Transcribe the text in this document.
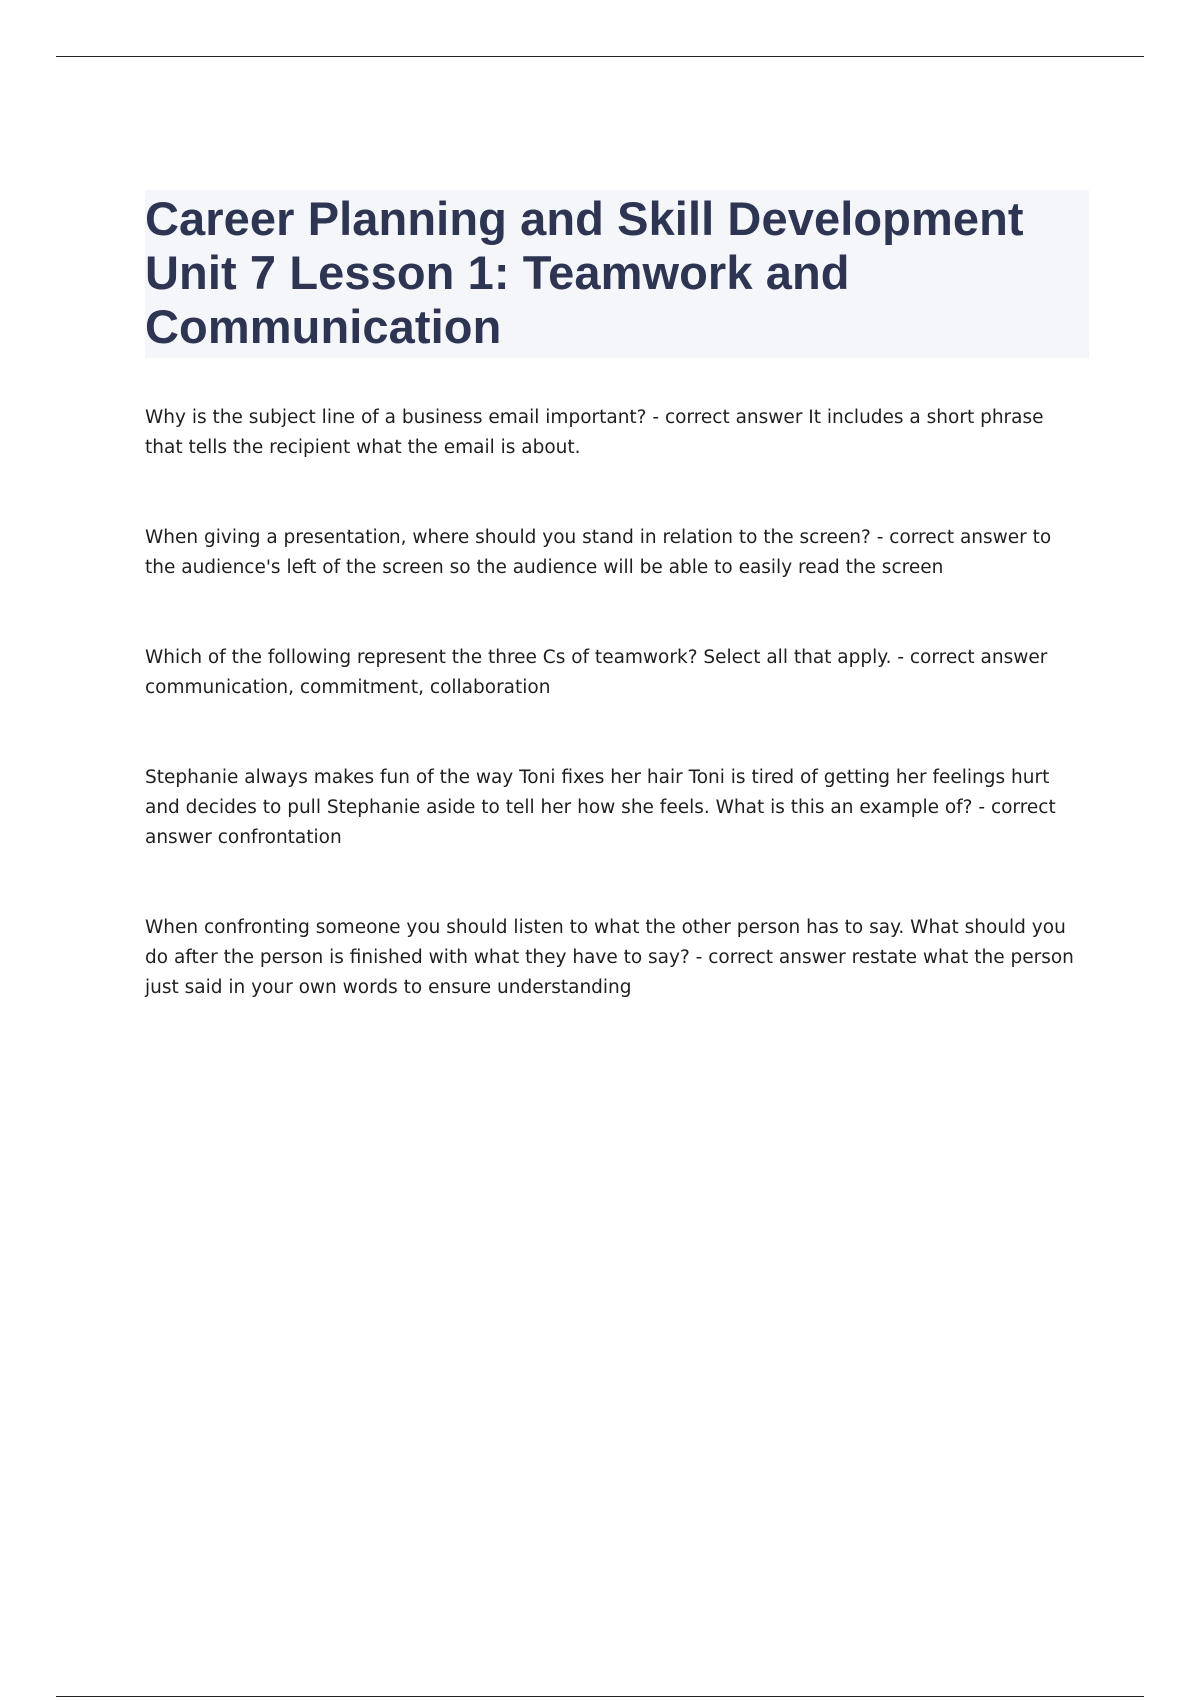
Career Planning and Skill Development
Unit 7 Lesson 1: Teamwork and
Communication

Why is the subject line of a business email important? - correct answer It includes a short phrase that tells the recipient what the email is about.

When giving a presentation, where should you stand in relation to the screen? - correct answer to the audience's left of the screen so the audience will be able to easily read the screen

Which of the following represent the three Cs of teamwork? Select all that apply. - correct answer communication, commitment, collaboration

Stephanie always makes fun of the way Toni fixes her hair Toni is tired of getting her feelings hurt and decides to pull Stephanie aside to tell her how she feels. What is this an example of? - correct answer confrontation

When confronting someone you should listen to what the other person has to say. What should you do after the person is finished with what they have to say? - correct answer restate what the person just said in your own words to ensure understanding
